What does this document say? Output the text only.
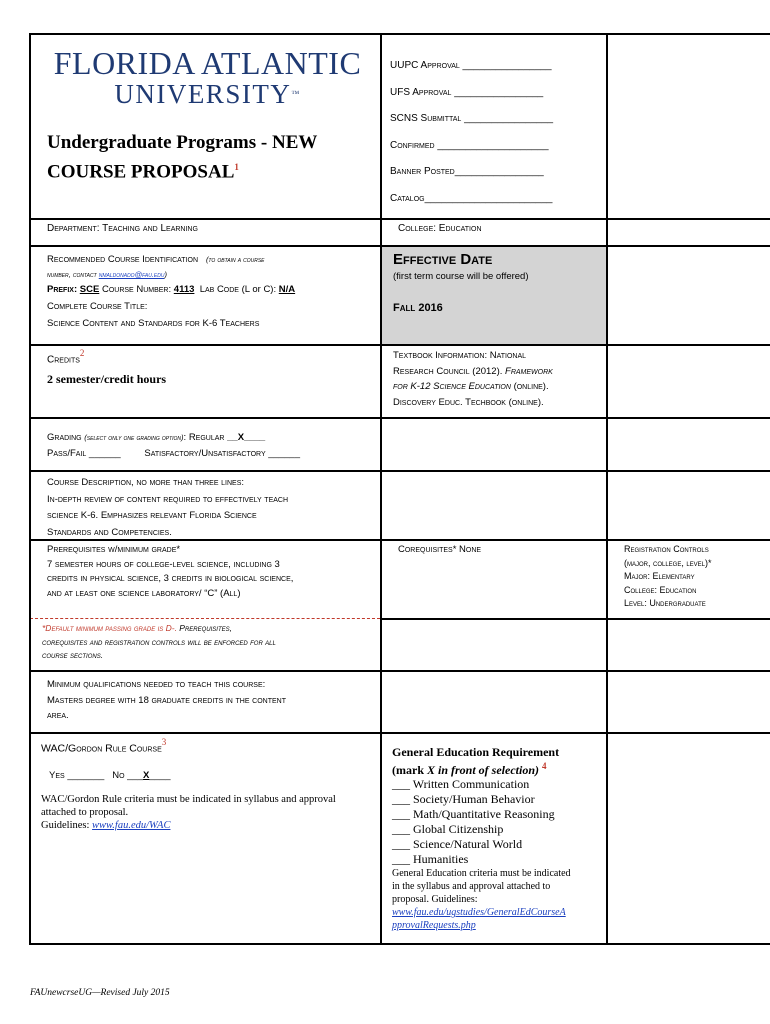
FLORIDA ATLANTIC
UNIVERSITY™
Undergraduate Programs - NEW
COURSE PROPOSAL$^1$
UUPC Approval ________________
UFS Approval ________________
SCNS Submittal ________________
Confirmed ____________________
Banner Posted________________
Catalog_______________________
Department: Teaching and Learning	College: Education
Recommended Course Identification (to obtain a course
number, contact nmaldonado@fau.edu)
Prefix: SCE Course Number: 4113 Lab Code (L or C): N/A
Complete Course Title:
Science Content and Standards for K-6 Teachers
Effective Date
(first term course will be offered)
Fall 2016
Credits$^2$
2 semester/credit hours
Textbook Information: National
Research Council (2012). Framework
for K-12 Science Education (online).
Discovery Educ. Techbook (online).
Grading (select only one grading option): Regular __X____
Pass/Fail ______	Satisfactory/Unsatisfactory ______
Course Description, no more than three lines:
In-depth review of content required to effectively teach
science K-6. Emphasizes relevant Florida Science
Standards and Competencies.
Prerequisites w/minimum grade*
7 semester hours of college-level science, including 3
credits in physical science, 3 credits in biological science,
and at least one science laboratory/ “C” (All)
Corequisites* None	Registration Controls
(major, college, level)*
Major: Elementary
College: Education
Level: Undergraduate
*Default minimum passing grade is D-. Prerequisites,
corequisites and registration controls will be enforced for all
course sections.
Minimum qualifications needed to teach this course:
Masters degree with 18 graduate credits in the content
area.
WAC/Gordon Rule Course$^3$
Yes _______ No ___X____
WAC/Gordon Rule criteria must be indicated in syllabus and approval
attached to proposal.
Guidelines: www.fau.edu/WAC
General Education Requirement
(mark X in front of selection) $^4$
___ Written Communication
___ Society/Human Behavior
___ Math/Quantitative Reasoning
___ Global Citizenship
___ Science/Natural World
___ Humanities
General Education criteria must be indicated
in the syllabus and approval attached to
proposal. Guidelines:
www.fau.edu/ugstudies/GeneralEdCourseA
pprovalRequests.php
FAUnewcrseUG—Revised July 2015
